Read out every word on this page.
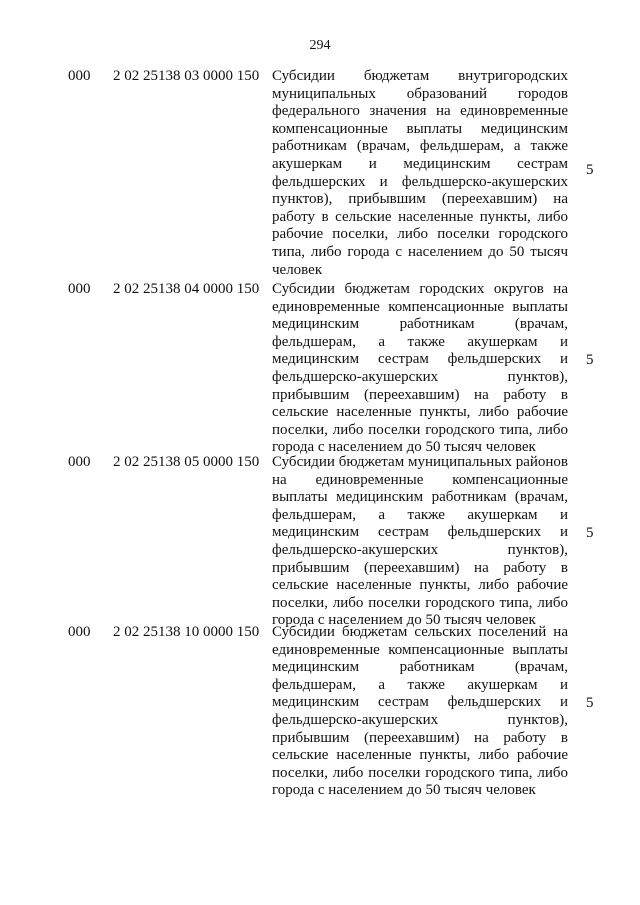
294
000 2 02 25138 03 0000 150 Субсидии бюджетам внутригородских
муниципальных образований городов
федерального значения на единовременные
компенсационные выплаты медицинским
работникам (врачам, фельдшерам, а также
акушеркам и медицинским сестрам
фельдшерских и фельдшерско-акушерских
пунктов), прибывшим (переехавшим) на
работу в сельские населенные пункты, либо
рабочие поселки, либо поселки городского
типа, либо города с населением до 50 тысяч
человек
5
000 2 02 25138 04 0000 150 Субсидии бюджетам городских округов на
единовременные компенсационные выплаты
медицинским работникам (врачам,
фельдшерам, а также акушеркам и
медицинским сестрам фельдшерских и
фельдшерско-акушерских пунктов),
прибывшим (переехавшим) на работу в
сельские населенные пункты, либо рабочие
поселки, либо поселки городского типа, либо
города с населением до 50 тысяч человек
5
000 2 02 25138 05 0000 150 Субсидии бюджетам муниципальных районов
на единовременные компенсационные
выплаты медицинским работникам (врачам,
фельдшерам, а также акушеркам и
медицинским сестрам фельдшерских и
фельдшерско-акушерских пунктов),
прибывшим (переехавшим) на работу в
сельские населенные пункты, либо рабочие
поселки, либо поселки городского типа, либо
города с населением до 50 тысяч человек
5
000 2 02 25138 10 0000 150 Субсидии бюджетам сельских поселений на
единовременные компенсационные выплаты
медицинским работникам (врачам,
фельдшерам, а также акушеркам и
медицинским сестрам фельдшерских и
фельдшерско-акушерских пунктов),
прибывшим (переехавшим) на работу в
сельские населенные пункты, либо рабочие
поселки, либо поселки городского типа, либо
города с населением до 50 тысяч человек
5
